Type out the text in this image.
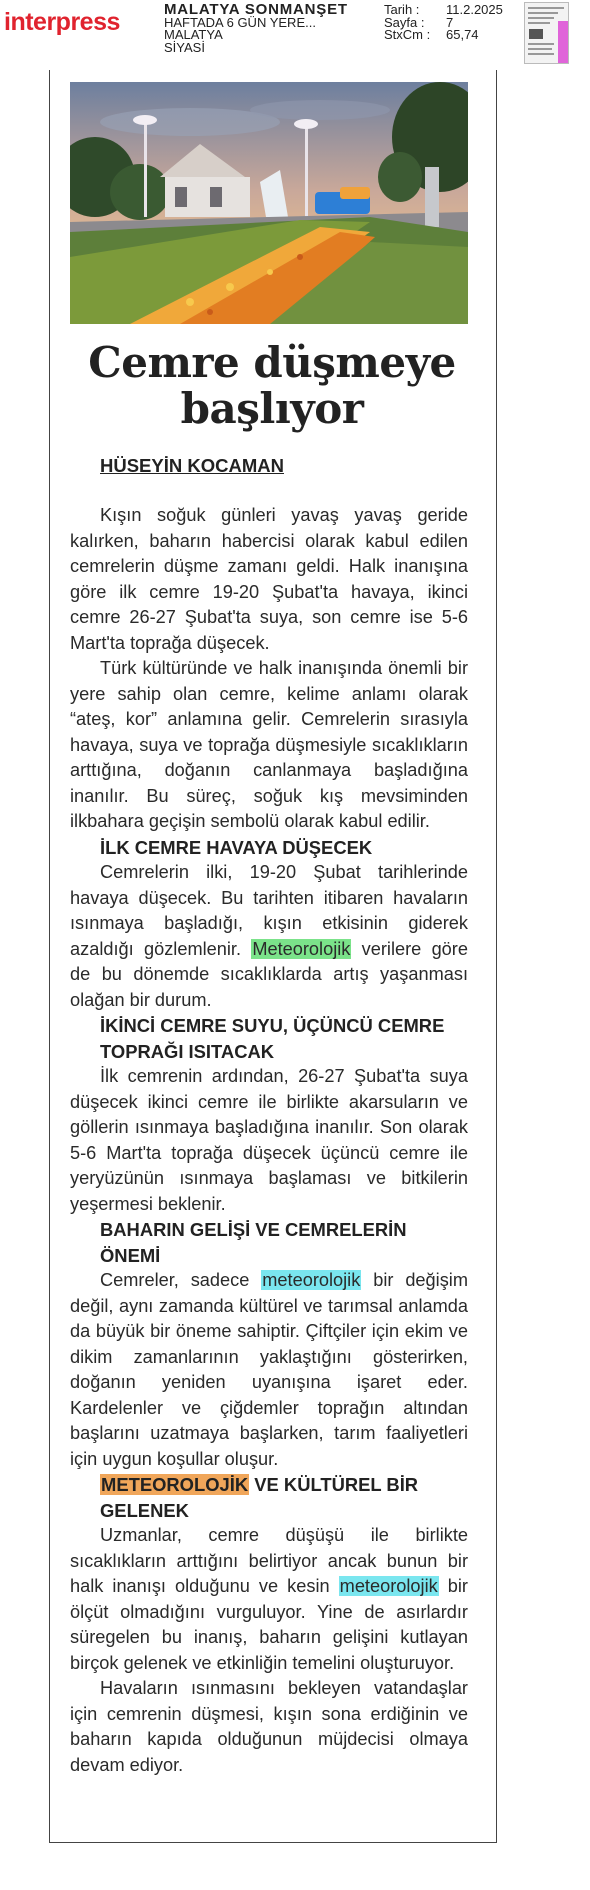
interpress	MALATYA SONMANŞET
HAFTADA 6 GÜN YERE...
MALATYA
SİYASİ
Tarih :	11.2.2025
Sayfa :	7
StxCm :	65,74
Cemre düşmeye başlıyor
HÜSEYİN KOCAMAN

Kışın soğuk günleri yavaş yavaş geride kalırken, baharın habercisi olarak kabul edilen cemrelerin düşme zamanı geldi. Halk inanışına göre ilk cemre 19-20 Şubat'ta havaya, ikinci cemre 26-27 Şubat'ta suya, son cemre ise 5-6 Mart'ta toprağa düşecek.

Türk kültüründe ve halk inanışında önemli bir yere sahip olan cemre, kelime anlamı olarak “ateş, kor” anlamına gelir. Cemrelerin sırasıyla havaya, suya ve toprağa düşmesiyle sıcaklıkların arttığına, doğanın canlanmaya başladığına inanılır. Bu süreç, soğuk kış mevsiminden ilkbahara geçişin sembolü olarak kabul edilir.

İLK CEMRE HAVAYA DÜŞECEK

Cemrelerin ilki, 19-20 Şubat tarihlerinde havaya düşecek. Bu tarihten itibaren havaların ısınmaya başladığı, kışın etkisinin giderek azaldığı gözlemlenir. Meteorolojik verilere göre de bu dönemde sıcaklıklarda artış yaşanması olağan bir durum.

İKİNCİ CEMRE SUYU, ÜÇÜNCÜ CEMRE TOPRAĞI ISITACAK

İlk cemrenin ardından, 26-27 Şubat'ta suya düşecek ikinci cemre ile birlikte akarsuların ve göllerin ısınmaya başladığına inanılır. Son olarak 5-6 Mart'ta toprağa düşecek üçüncü cemre ile yeryüzünün ısınmaya başlaması ve bitkilerin yeşermesi beklenir.

BAHARIN GELİŞİ VE CEMRELERİN ÖNEMİ

Cemreler, sadece meteorolojik bir değişim değil, aynı zamanda kültürel ve tarımsal anlamda da büyük bir öneme sahiptir. Çiftçiler için ekim ve dikim zamanlarının yaklaştığını gösterirken, doğanın yeniden uyanışına işaret eder. Kardelenler ve çiğdemler toprağın altından başlarını uzatmaya başlarken, tarım faaliyetleri için uygun koşullar oluşur.

METEOROLOJİK VE KÜLTÜREL BİR GELENEK

Uzmanlar, cemre düşüşü ile birlikte sıcaklıkların arttığını belirtiyor ancak bunun bir halk inanışı olduğunu ve kesin meteorolojik bir ölçüt olmadığını vurguluyor. Yine de asırlardır süregelen bu inanış, baharın gelişini kutlayan birçok gelenek ve etkinliğin temelini oluşturuyor.

Havaların ısınmasını bekleyen vatandaşlar için cemrenin düşmesi, kışın sona erdiğinin ve baharın kapıda olduğunun müjdecisi olmaya devam ediyor.
